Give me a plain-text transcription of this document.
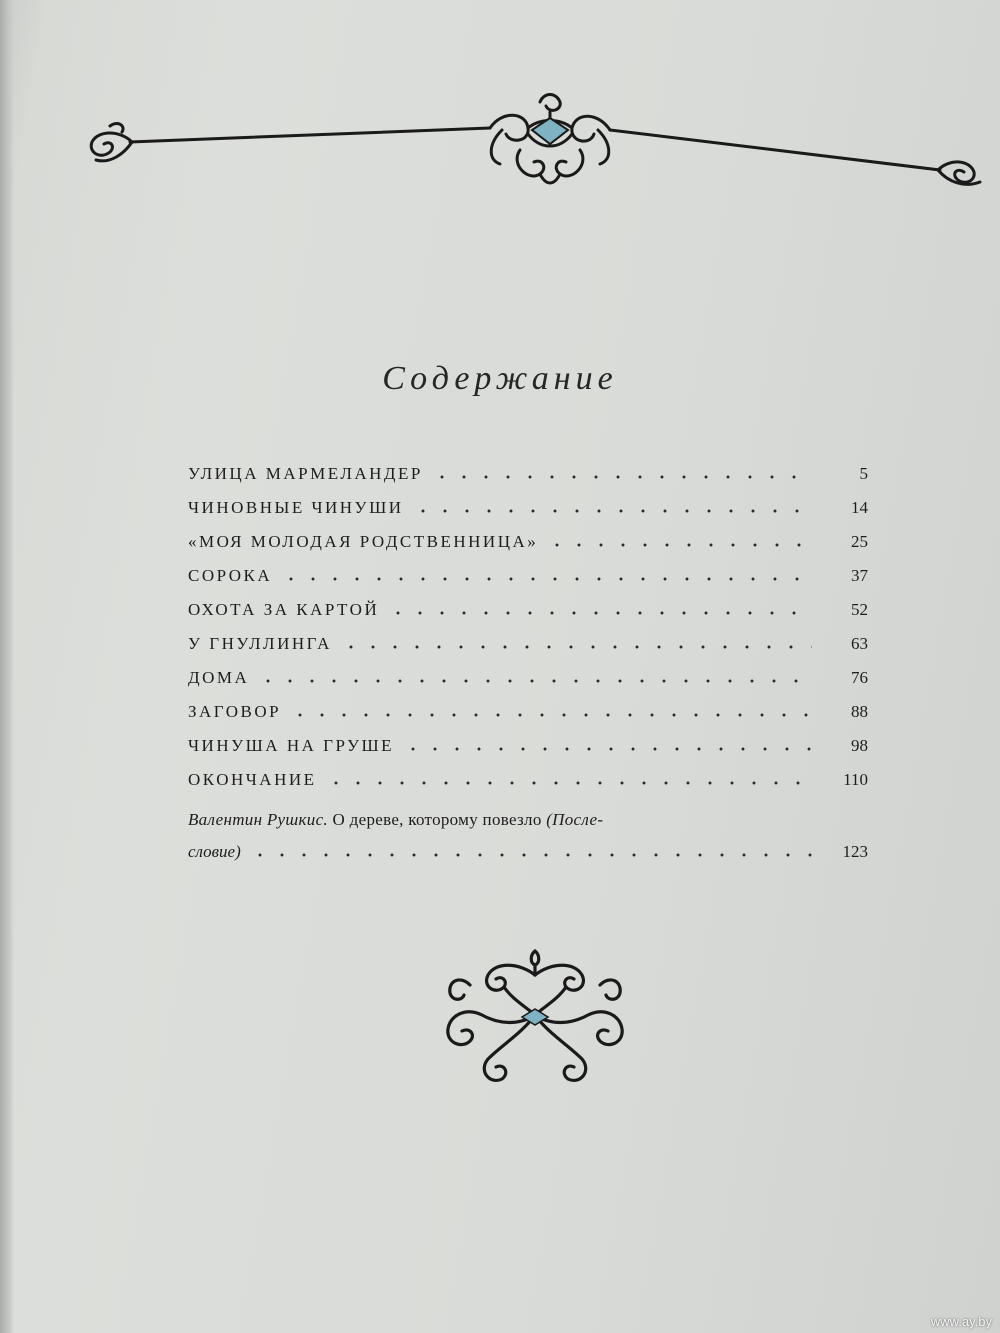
Содержание
УЛИЦА МАРМЕЛАНДЕР	5
ЧИНОВНЫЕ ЧИНУШИ	14
«МОЯ МОЛОДАЯ РОДСТВЕННИЦА»	25
СОРОКА	37
ОХОТА ЗА КАРТОЙ	52
У ГНУЛЛИНГА	63
ДОМА	76
ЗАГОВОР	88
ЧИНУША НА ГРУШЕ	98
ОКОНЧАНИЕ	110
Валентин Рушкис. О дереве, которому повезло (После-
словие)	123
www.ay.by
